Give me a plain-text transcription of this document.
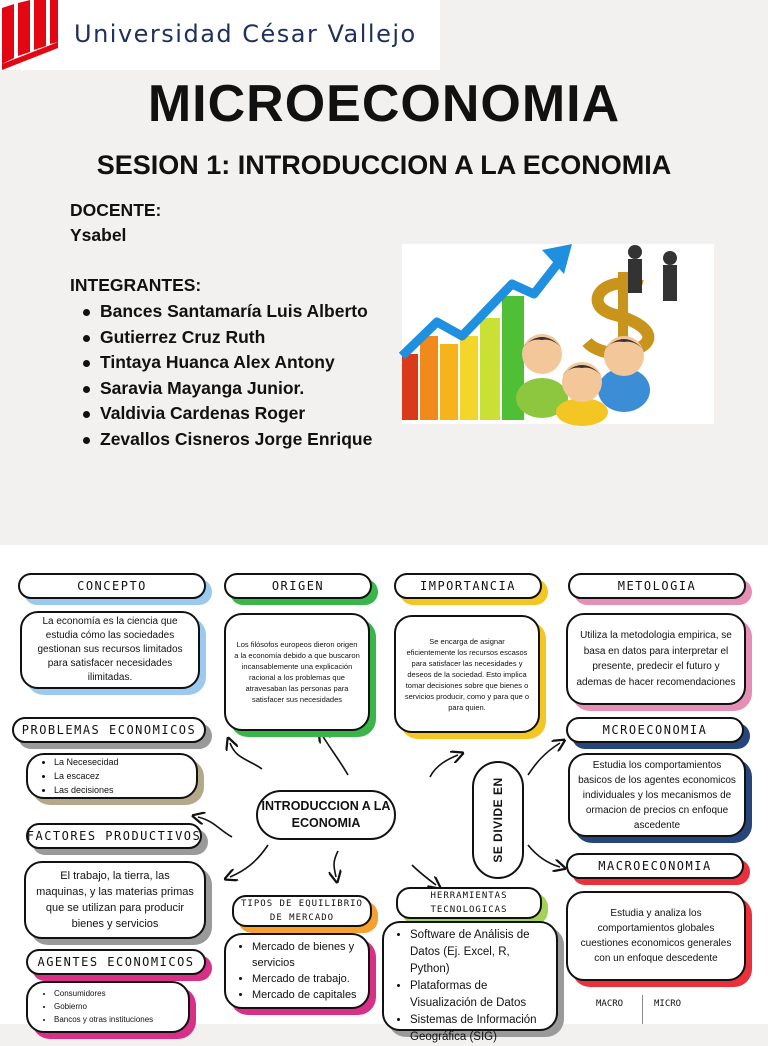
Universidad César Vallejo
MICROECONOMIA
SESION 1: INTRODUCCION A LA ECONOMIA
DOCENTE:
Ysabel
INTEGRANTES:
Bances Santamaría Luis Alberto
Gutierrez Cruz Ruth
Tintaya Huanca Alex Antony
Saravia Mayanga Junior.
Valdivia Cardenas Roger
Zevallos Cisneros Jorge Enrique
CONCEPTO
La economía es la ciencia que estudia cómo las sociedades gestionan sus recursos limitados para satisfacer necesidades ilimitadas.
PROBLEMAS ECONOMICOS
• La Necesecidad
• La escacez
• Las decisiones
FACTORES PRODUCTIVOS
El trabajo, la tierra, las maquinas, y las materias primas que se utilizan para producir bienes y servicios
AGENTES ECONOMICOS
• Consumidores
• Gobierno
• Bancos y otras instituciones
ORIGEN
Los filósofos europeos dieron origen a la economía debido a que buscaron incansablemente una explicación racional a los problemas que atravesaban las personas para satisfacer sus necesidades
INTRODUCCION A LA ECONOMIA
TIPOS DE EQUILIBRIO DE MERCADO
• Mercado de bienes y servicios
• Mercado de trabajo.
• Mercado de capitales
IMPORTANCIA
Se encarga de asignar eficientemente los recursos escasos para satisfacer las necesidades y deseos de la sociedad. Esto implica tomar decisiones sobre que bienes o servicios producir, como y para que o para quien.
SE DIVIDE EN
HERRAMIENTAS TECNOLOGICAS
• Software de Análisis de Datos (Ej. Excel, R, Python)
• Plataformas de Visualización de Datos
• Sistemas de Información Geográfica (SIG)
METOLOGIA
Utiliza la metodologia empirica, se basa en datos para interpretar el presente, predecir el futuro y ademas de hacer recomendaciones
MCROECONOMIA
Estudia los comportamientos basicos de los agentes economicos individuales y los mecanismos de ormacion de precios cn enfoque ascedente
MACROECONOMIA
Estudia y analiza los comportamientos globales cuestiones economicos generales con un enfoque descedente
MACRO	MICRO
